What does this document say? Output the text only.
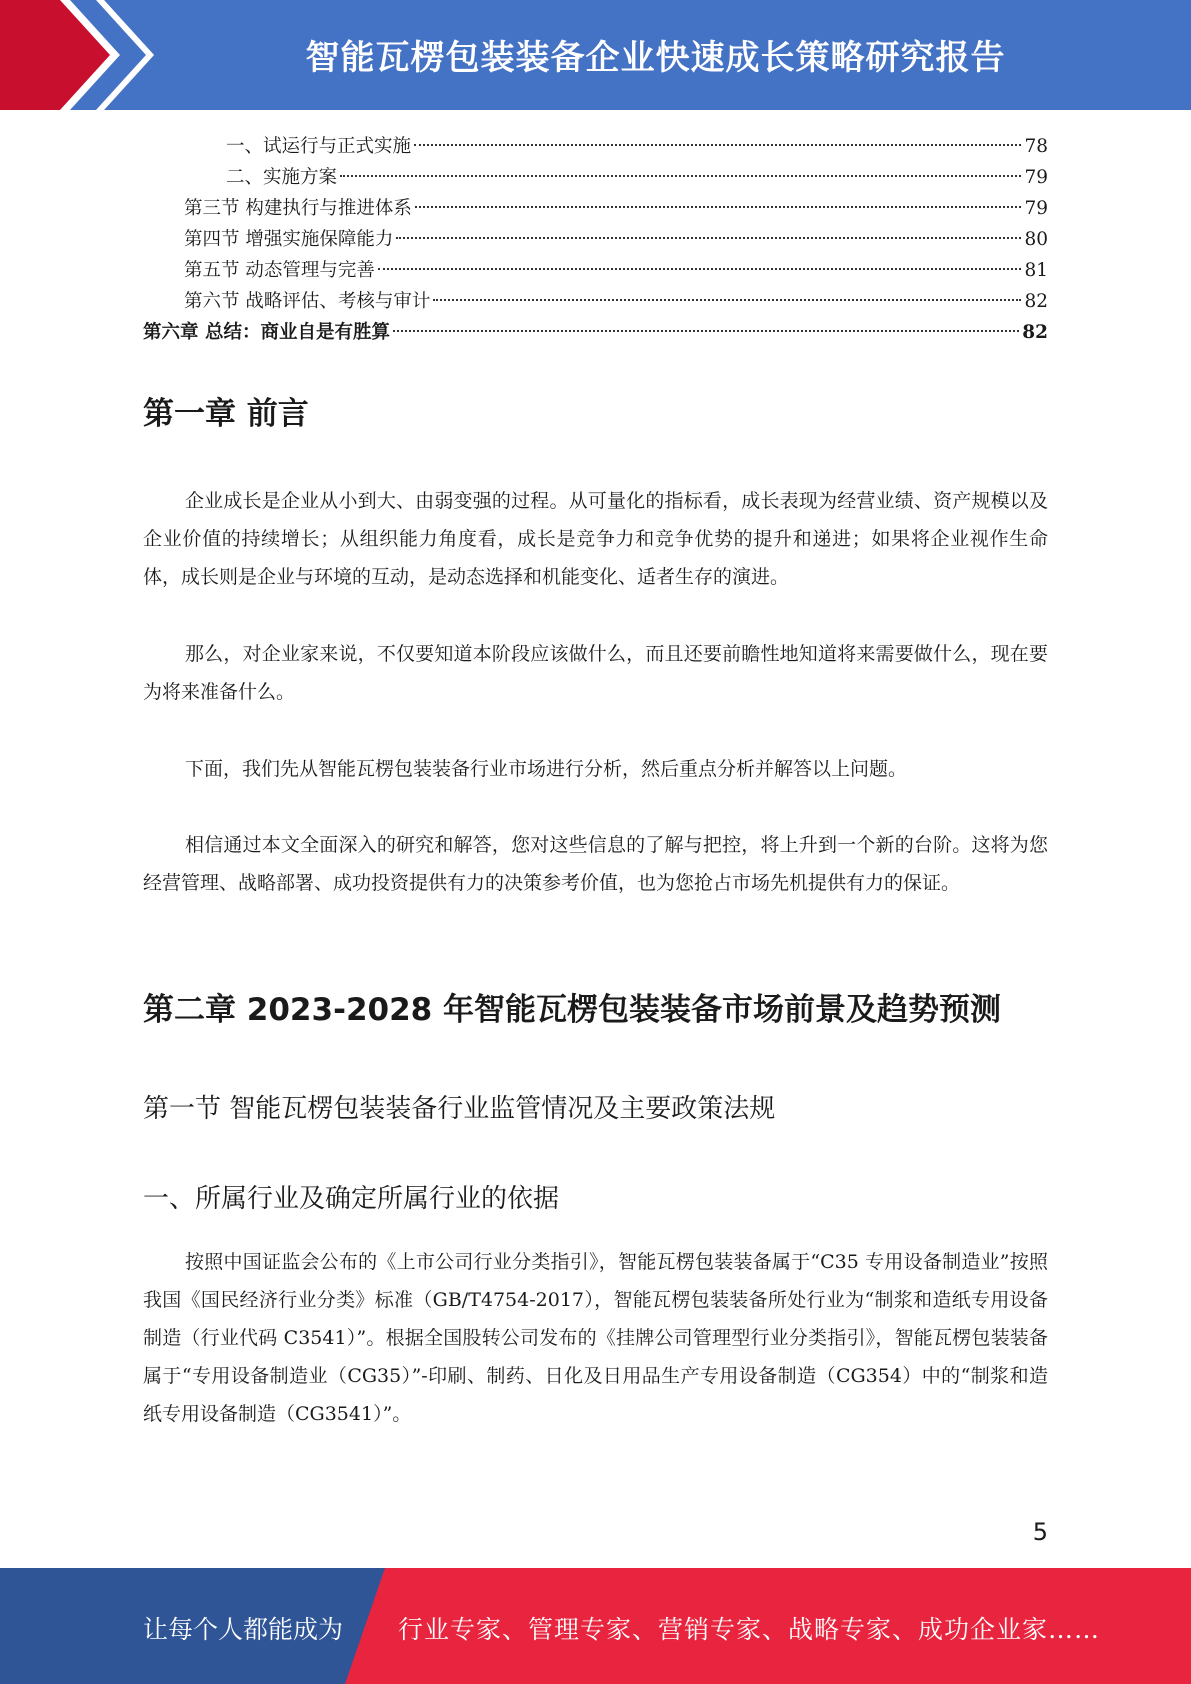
智能瓦楞包装装备企业快速成长策略研究报告
一、试运行与正式实施	78
二、实施方案	79
第三节 构建执行与推进体系	79
第四节 增强实施保障能力	80
第五节 动态管理与完善	81
第六节 战略评估、考核与审计	82
第六章 总结：商业自是有胜算	82
第一章 前言

企业成长是企业从小到大、由弱变强的过程。从可量化的指标看，成长表现为经营业绩、资产规模以及企业价值的持续增长；从组织能力角度看，成长是竞争力和竞争优势的提升和递进；如果将企业视作生命体，成长则是企业与环境的互动，是动态选择和机能变化、适者生存的演进。

那么，对企业家来说，不仅要知道本阶段应该做什么，而且还要前瞻性地知道将来需要做什么，现在要为将来准备什么。

下面，我们先从智能瓦楞包装装备行业市场进行分析，然后重点分析并解答以上问题。

相信通过本文全面深入的研究和解答，您对这些信息的了解与把控，将上升到一个新的台阶。这将为您经营管理、战略部署、成功投资提供有力的决策参考价值，也为您抢占市场先机提供有力的保证。

第二章 2023-2028 年智能瓦楞包装装备市场前景及趋势预测
第一节 智能瓦楞包装装备行业监管情况及主要政策法规
一、所属行业及确定所属行业的依据

按照中国证监会公布的《上市公司行业分类指引》，智能瓦楞包装装备属于“C35 专用设备制造业”按照我国《国民经济行业分类》标准（GB/T4754-2017），智能瓦楞包装装备所处行业为“制浆和造纸专用设备制造（行业代码 C3541）”。根据全国股转公司发布的《挂牌公司管理型行业分类指引》，智能瓦楞包装装备属于“专用设备制造业（CG35）”-印刷、制药、日化及日用品生产专用设备制造（CG354）中的“制浆和造纸专用设备制造（CG3541）”。

5
让每个人都能成为 行业专家、管理专家、营销专家、战略专家、成功企业家……
